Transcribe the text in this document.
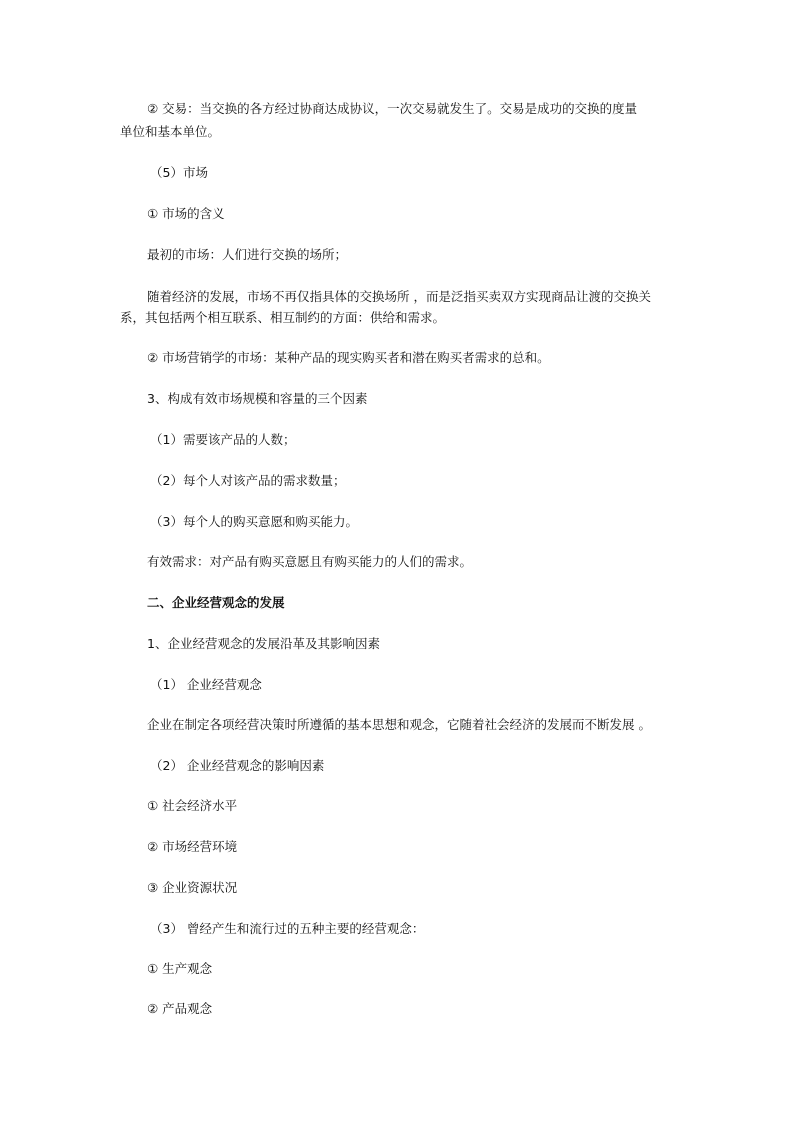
② 交易：当交换的各方经过协商达成协议，一次交易就发生了。交易是成功的交换的度量
单位和基本单位。
（5）市场
① 市场的含义
最初的市场：人们进行交换的场所；
随着经济的发展，市场不再仅指具体的交换场所 ，而是泛指买卖双方实现商品让渡的交换关
系，其包括两个相互联系、相互制约的方面：供给和需求。
② 市场营销学的市场：某种产品的现实购买者和潜在购买者需求的总和。
3、构成有效市场规模和容量的三个因素
（1）需要该产品的人数；
（2）每个人对该产品的需求数量；
（3）每个人的购买意愿和购买能力。
有效需求：对产品有购买意愿且有购买能力的人们的需求。
二、企业经营观念的发展
1、企业经营观念的发展沿革及其影响因素
（1） 企业经营观念
企业在制定各项经营决策时所遵循的基本思想和观念，它随着社会经济的发展而不断发展 。
（2） 企业经营观念的影响因素
① 社会经济水平
② 市场经营环境
③ 企业资源状况
（3） 曾经产生和流行过的五种主要的经营观念：
① 生产观念
② 产品观念
